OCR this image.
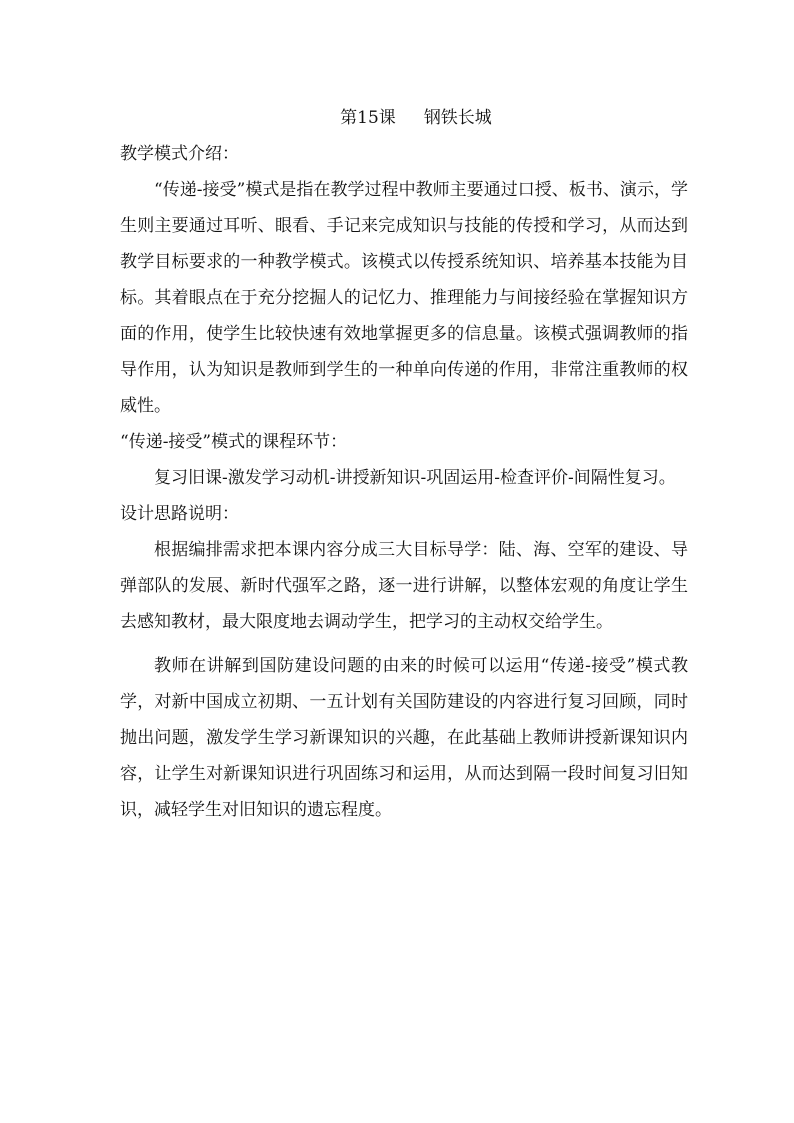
第15课 钢铁长城
教学模式介绍：

“传递-接受”模式是指在教学过程中教师主要通过口授、板书、演示，学生则主要通过耳听、眼看、手记来完成知识与技能的传授和学习，从而达到教学目标要求的一种教学模式。该模式以传授系统知识、培养基本技能为目标。其着眼点在于充分挖掘人的记忆力、推理能力与间接经验在掌握知识方面的作用，使学生比较快速有效地掌握更多的信息量。该模式强调教师的指导作用，认为知识是教师到学生的一种单向传递的作用，非常注重教师的权威性。

“传递-接受”模式的课程环节：

复习旧课-激发学习动机-讲授新知识-巩固运用-检查评价-间隔性复习。

设计思路说明：

根据编排需求把本课内容分成三大目标导学：陆、海、空军的建设、导弹部队的发展、新时代强军之路，逐一进行讲解，以整体宏观的角度让学生去感知教材，最大限度地去调动学生，把学习的主动权交给学生。

教师在讲解到国防建设问题的由来的时候可以运用“传递-接受”模式教学，对新中国成立初期、一五计划有关国防建设的内容进行复习回顾，同时抛出问题，激发学生学习新课知识的兴趣，在此基础上教师讲授新课知识内容，让学生对新课知识进行巩固练习和运用，从而达到隔一段时间复习旧知识，减轻学生对旧知识的遗忘程度。
